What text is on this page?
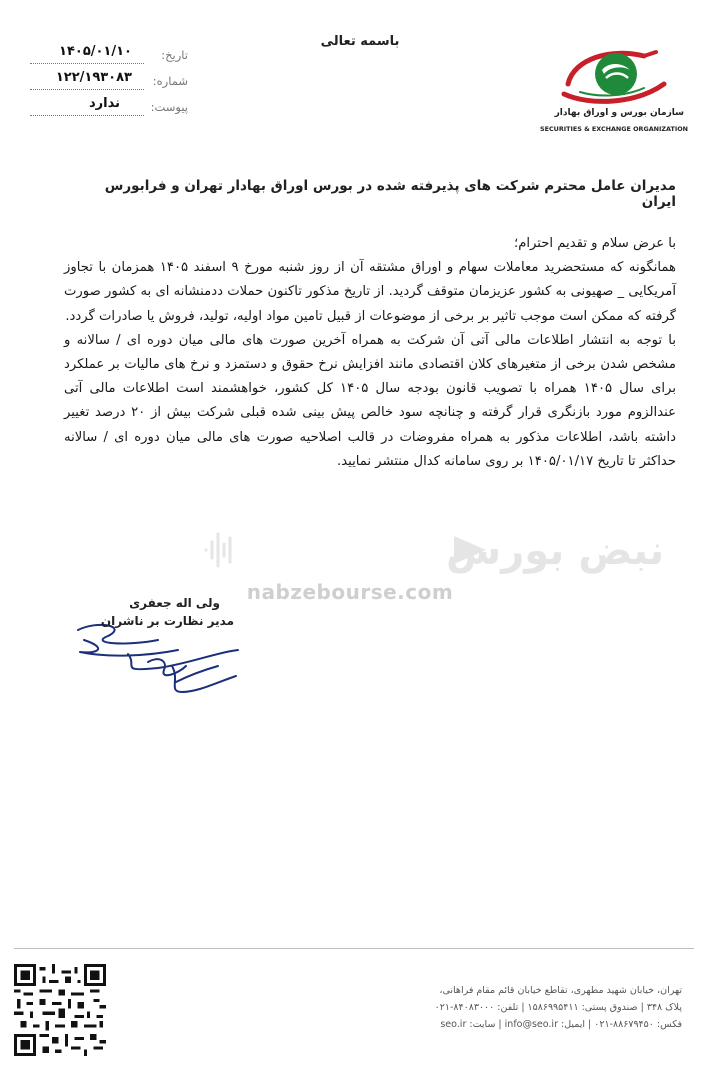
باسمه تعالی
تاریخ:
۱۴۰۵/۰۱/۱۰
شماره:
۱۲۲/۱۹۳۰۸۳
پیوست:
ندارد
سازمان بورس و اوراق بهادار
SECURITIES & EXCHANGE ORGANIZATION
مدیران عامل محترم شرکت های پذیرفته شده در بورس اوراق بهادار تهران و فرابورس ایران

با عرض سلام و تقدیم احترام؛

همانگونه که مستحضرید معاملات سهام و اوراق مشتقه آن از روز شنبه مورخ ۹ اسفند ۱۴۰۵ همزمان با تجاوز آمریکایی _ صهیونی به کشور عزیزمان متوقف گردید. از تاریخ مذکور تاکنون حملات ددمنشانه ای به کشور صورت گرفته که ممکن است موجب تاثیر بر برخی از موضوعات از قبیل تامین مواد اولیه، تولید، فروش یا صادرات گردد.

با توجه به انتشار اطلاعات مالی آتی آن شرکت به همراه آخرین صورت های مالی میان دوره ای / سالانه و مشخص شدن برخی از متغیرهای کلان اقتصادی مانند افزایش نرخ حقوق و دستمزد و نرخ های مالیات بر عملکرد برای سال ۱۴۰۵ همراه با تصویب قانون بودجه سال ۱۴۰۵ کل کشور، خواهشمند است اطلاعات مالی آتی عندالزوم مورد بازنگری قرار گرفته و چنانچه سود خالص پیش بینی شده قبلی شرکت بیش از ۲۰ درصد تغییر داشته باشد، اطلاعات مذکور به همراه مفروضات در قالب اصلاحیه صورت های مالی میان دوره ای / سالانه حداکثر تا تاریخ ۱۴۰۵/۰۱/۱۷ بر روی سامانه کدال منتشر نمایید.

نبض بورس
nabzebourse.com
ولی اله جعفری
مدیر نظارت بر ناشران
تهران، خیابان شهید مطهری، تقاطع خیابان قائم مقام فراهانی،
پلاک ۳۴۸ | صندوق پستی: ۱۵۸۶۹۹۵۴۱۱ | تلفن: ۸۴۰۸۳۰۰۰-۰۲۱
فکس: ۸۸۶۷۹۴۵۰-۰۲۱ | ایمیل: info@seo.ir | سایت: seo.ir
